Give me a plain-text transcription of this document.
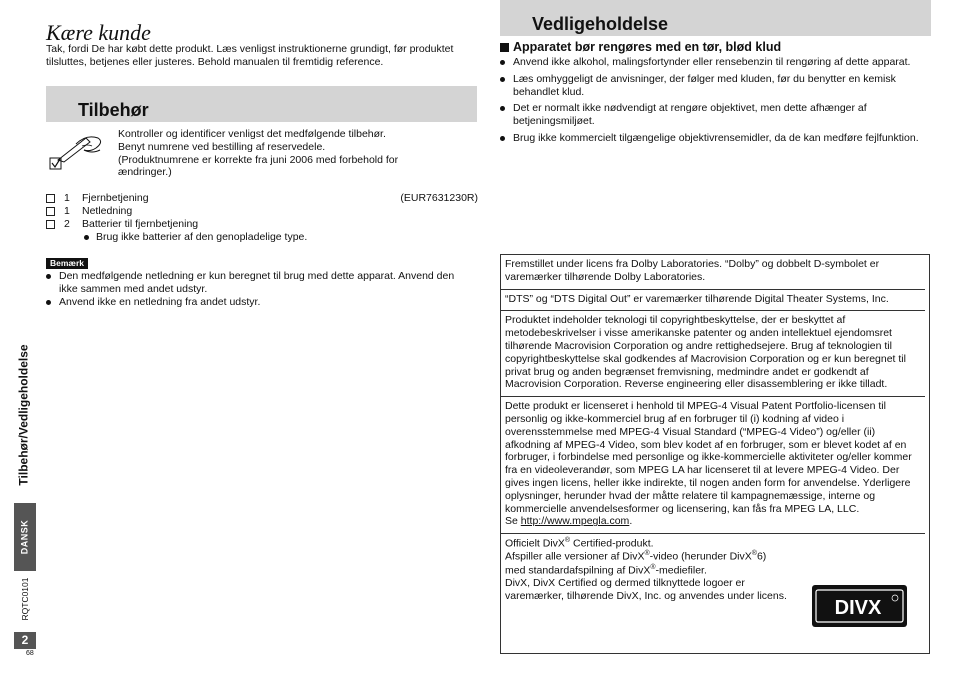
Kære kunde
Tak, fordi De har købt dette produkt. Læs venligst instruktionerne grundigt, før produktet tilsluttes, betjenes eller justeres. Behold manualen til fremtidig reference.
Tilbehør
Kontroller og identificer venligst det medfølgende tilbehør.
Benyt numrene ved bestilling af reservedele.
(Produktnumrene er korrekte fra juni 2006 med forbehold for
ændringer.)
1 Fjernbetjening	(EUR7631230R)
1 Netledning
2 Batterier til fjernbetjening
Brug ikke batterier af den genopladelige type.
Bemærk
Den medfølgende netledning er kun beregnet til brug med dette apparat. Anvend den ikke sammen med andet udstyr.
Anvend ikke en netledning fra andet udstyr.
Tilbehør/Vedligeholdelse
DANSK
RQTC0101
2
68
Vedligeholdelse
Apparatet bør rengøres med en tør, blød klud
Anvend ikke alkohol, malingsfortynder eller rensebenzin til rengøring af dette apparat.
Læs omhyggeligt de anvisninger, der følger med kluden, før du benytter en kemisk behandlet klud.
Det er normalt ikke nødvendigt at rengøre objektivet, men dette afhænger af betjeningsmiljøet.
Brug ikke kommercielt tilgængelige objektivrensemidler, da de kan medføre fejlfunktion.
Fremstillet under licens fra Dolby Laboratories. “Dolby” og dobbelt D-symbolet er varemærker tilhørende Dolby Laboratories.
“DTS” og “DTS Digital Out” er varemærker tilhørende Digital Theater Systems, Inc.
Produktet indeholder teknologi til copyrightbeskyttelse, der er beskyttet af metodebeskrivelser i visse amerikanske patenter og anden intellektuel ejendomsret tilhørende Macrovision Corporation og andre rettighedsejere. Brug af teknologien til copyrightbeskyttelse skal godkendes af Macrovision Corporation og er kun beregnet til privat brug og anden begrænset fremvisning, medmindre andet er godkendt af Macrovision Corporation. Reverse engineering eller disassemblering er ikke tilladt.
Dette produkt er licenseret i henhold til MPEG-4 Visual Patent Portfolio-licensen til personlig og ikke-kommerciel brug af en forbruger til (i) kodning af video i overensstemmelse med MPEG-4 Visual Standard (“MPEG-4 Video”) og/eller (ii) afkodning af MPEG-4 Video, som blev kodet af en forbruger, som er blevet kodet af en forbruger, i forbindelse med personlige og ikke-kommercielle aktiviteter og/eller kommer fra en videoleverandør, som MPEG LA har licenseret til at levere MPEG-4 Video. Der gives ingen licens, heller ikke indirekte, til nogen anden form for anvendelse. Yderligere oplysninger, herunder hvad der måtte relatere til kampagnemæssige, interne og kommercielle anvendelsesformer og licensering, kan fås fra MPEG LA, LLC.
Se http://www.mpegla.com.
Officielt DivX® Certified-produkt.
Afspiller alle versioner af DivX®-video (herunder DivX®6)
med standardafspilning af DivX®-mediefiler.
DivX, DivX Certified og dermed tilknyttede logoer er varemærker, tilhørende DivX, Inc. og anvendes under licens.
DIVX
